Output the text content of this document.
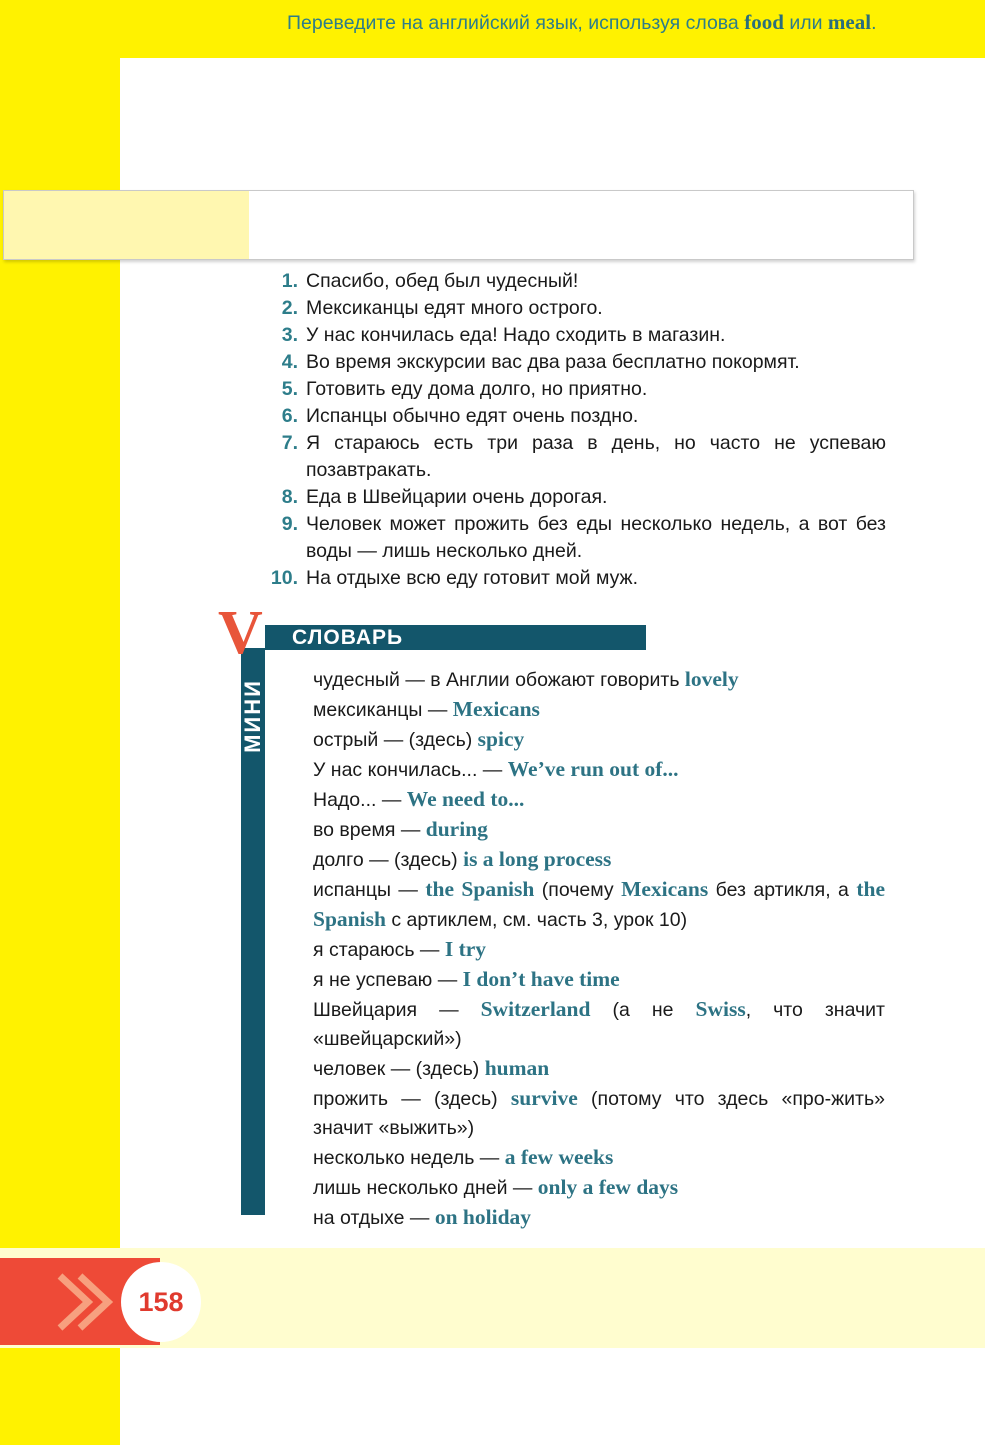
Переведите на английский язык, используя слова food или meal.
1. Спасибо, обед был чудесный!
2. Мексиканцы едят много острого.
3. У нас кончилась еда! Надо сходить в магазин.
4. Во время экскурсии вас два раза бесплатно покормят.
5. Готовить еду дома долго, но приятно.
6. Испанцы обычно едят очень поздно.
7. Я стараюсь есть три раза в день, но часто не успеваю позавтракать.
8. Еда в Швейцарии очень дорогая.
9. Человек может прожить без еды несколько недель, а вот без воды — лишь несколько дней.
10. На отдыхе всю еду готовит мой муж.
СЛОВАРЬ
V
МИНИ чудесный — в Англии обожают говорить lovely
мексиканцы — Mexicans
острый — (здесь) spicy
У нас кончилась... — We’ve run out of...
Надо... — We need to...
во время — during
долго — (здесь) is a long process
испанцы — the Spanish (почему Mexicans без артикля, а the Spanish с артиклем, см. часть 3, урок 10)
я стараюсь — I try
я не успеваю — I don’t have time
Швейцария — Switzerland (а не Swiss, что значит «швейцарский»)
человек — (здесь) human
прожить — (здесь) survive (потому что здесь «про-жить» значит «выжить»)
несколько недель — a few weeks
лишь несколько дней — only a few days
на отдыхе — on holiday
158
